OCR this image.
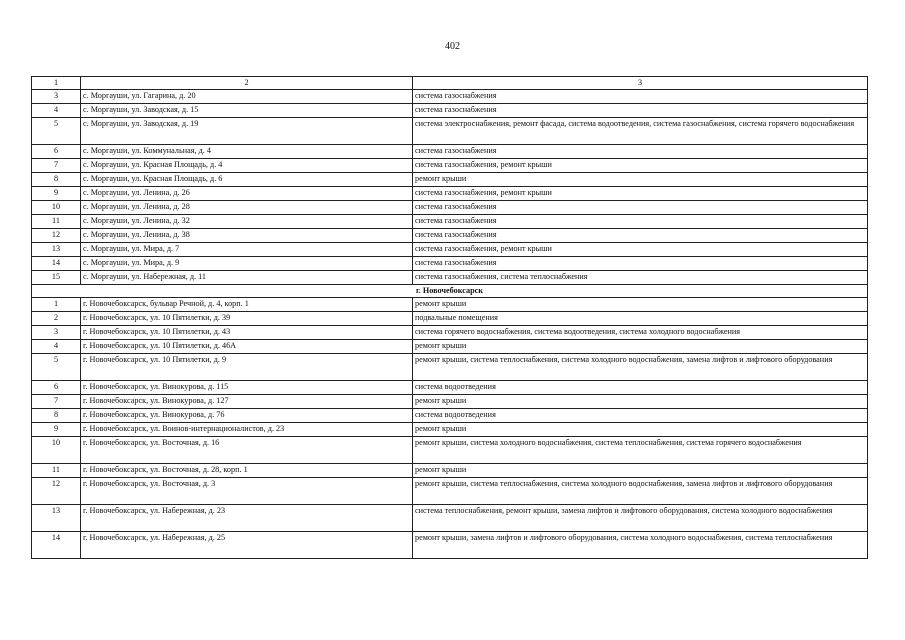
402
1	2	3
3	с. Моргауши, ул. Гагарина, д. 20	система газоснабжения
4	с. Моргауши, ул. Заводская, д. 15	система газоснабжения
5	с. Моргауши, ул. Заводская, д. 19	система электроснабжения, ремонт фасада, система водоотведения, система газоснабжения, система горячего водоснабжения
6	с. Моргауши, ул. Коммунальная, д. 4	система газоснабжения
7	с. Моргауши, ул. Красная Площадь, д. 4	система газоснабжения, ремонт крыши
8	с. Моргауши, ул. Красная Площадь, д. 6	ремонт крыши
9	с. Моргауши, ул. Ленина, д. 26	система газоснабжения, ремонт крыши
10	с. Моргауши, ул. Ленина, д. 28	система газоснабжения
11	с. Моргауши, ул. Ленина, д. 32	система газоснабжения
12	с. Моргауши, ул. Ленина, д. 38	система газоснабжения
13	с. Моргауши, ул. Мира, д. 7	система газоснабжения, ремонт крыши
14	с. Моргауши, ул. Мира, д. 9	система газоснабжения
15	с. Моргауши, ул. Набережная, д. 11	система газоснабжения, система теплоснабжения
г. Новочебоксарск		
1	г. Новочебоксарск, бульвар Речной, д. 4, корп. 1	ремонт крыши
2	г. Новочебоксарск, ул. 10 Пятилетки, д. 39	подвальные помещения
3	г. Новочебоксарск, ул. 10 Пятилетки, д. 43	система горячего водоснабжения, система водоотведения, система холодного водоснабжения
4	г. Новочебоксарск, ул. 10 Пятилетки, д. 46А	ремонт крыши
5	г. Новочебоксарск, ул. 10 Пятилетки, д. 9	ремонт крыши, система теплоснабжения, система холодного водоснабжения, замена лифтов и лифтового оборудования
6	г. Новочебоксарск, ул. Винокурова, д. 115	система водоотведения
7	г. Новочебоксарск, ул. Винокурова, д. 127	ремонт крыши
8	г. Новочебоксарск, ул. Винокурова, д. 76	система водоотведения
9	г. Новочебоксарск, ул. Воинов-интернационалистов, д. 23	ремонт крыши
10	г. Новочебоксарск, ул. Восточная, д. 16	ремонт крыши, система холодного водоснабжения, система теплоснабжения, система горячего водоснабжения
11	г. Новочебоксарск, ул. Восточная, д. 28, корп. 1	ремонт крыши
12	г. Новочебоксарск, ул. Восточная, д. 3	ремонт крыши, система теплоснабжения, система холодного водоснабжения, замена лифтов и лифтового оборудования
13	г. Новочебоксарск, ул. Набережная, д. 23	система теплоснабжения, ремонт крыши, замена лифтов и лифтового оборудования, система холодного водоснабжения
14	г. Новочебоксарск, ул. Набережная, д. 25	ремонт крыши, замена лифтов и лифтового оборудования, система холодного водоснабжения, система теплоснабжения
